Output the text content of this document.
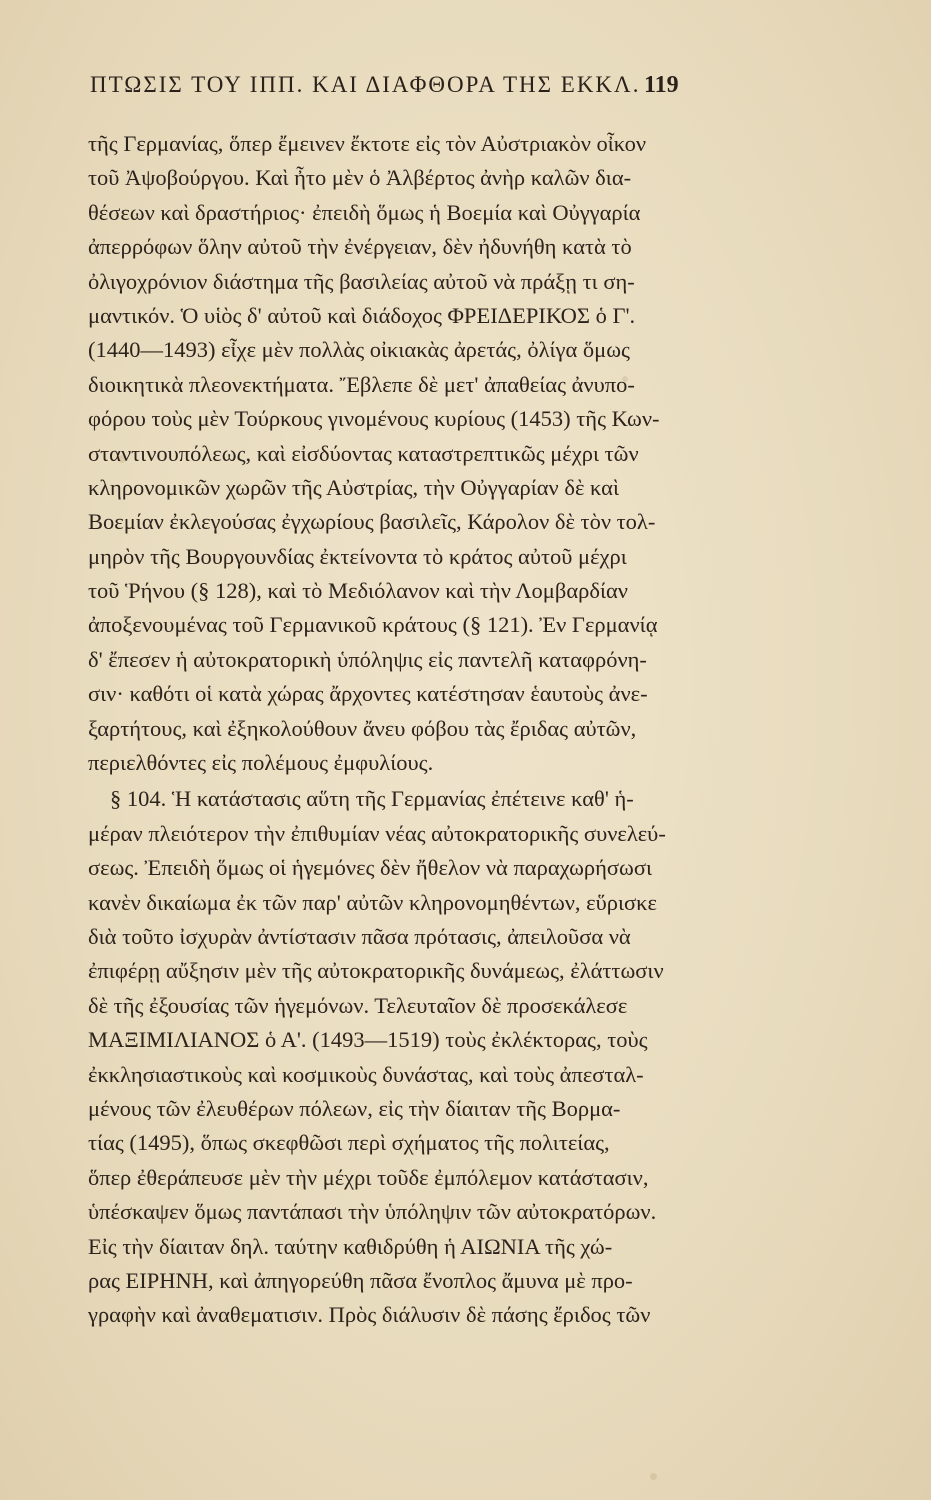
ΠΤΩΣΙΣ ΤΟΥ ΙΠΠ. ΚΑΙ ΔΙΑΦΘΟΡΑ ΤΗΣ ΕΚΚΛ. 119
τῆς Γερμανίας, ὅπερ ἔμεινεν ἔκτοτε εἰς τὸν Αὐστριακὸν οἶκον
τοῦ Ἀψοβούργου. Καὶ ἦτο μὲν ὁ Ἀλβέρτος ἀνὴρ καλῶν δια-
θέσεων καὶ δραστήριος· ἐπειδὴ ὅμως ἡ Βοεμία καὶ Οὐγγαρία
ἀπερρόφων ὅλην αὐτοῦ τὴν ἐνέργειαν, δὲν ἠδυνήθη κατὰ τὸ
ὀλιγοχρόνιον διάστημα τῆς βασιλείας αὐτοῦ νὰ πράξῃ τι ση-
μαντικόν. Ὁ υἱὸς δ' αὐτοῦ καὶ διάδοχος ΦΡΕΙΔΕΡΙΚΟΣ ὁ Γ'.
(1440—1493) εἶχε μὲν πολλὰς οἰκιακὰς ἀρετάς, ὀλίγα ὅμως
διοικητικὰ πλεονεκτήματα. Ἔβλεπε δὲ μετ' ἀπαθείας ἀνυπο-
φόρου τοὺς μὲν Τούρκους γινομένους κυρίους (1453) τῆς Κων-
σταντινουπόλεως, καὶ εἰσδύοντας καταστρεπτικῶς μέχρι τῶν
κληρονομικῶν χωρῶν τῆς Αὐστρίας, τὴν Οὐγγαρίαν δὲ καὶ
Βοεμίαν ἐκλεγούσας ἐγχωρίους βασιλεῖς, Κάρολον δὲ τὸν τολ-
μηρὸν τῆς Βουργουνδίας ἐκτείνοντα τὸ κράτος αὐτοῦ μέχρι
τοῦ Ῥήνου (§ 128), καὶ τὸ Μεδιόλανον καὶ τὴν Λομβαρδίαν
ἀποξενουμένας τοῦ Γερμανικοῦ κράτους (§ 121). Ἐν Γερμανίᾳ
δ' ἔπεσεν ἡ αὐτοκρατορικὴ ὑπόληψις εἰς παντελῆ καταφρόνη-
σιν· καθότι οἱ κατὰ χώρας ἄρχοντες κατέστησαν ἑαυτοὺς ἀνε-
ξαρτήτους, καὶ ἐξηκολούθουν ἄνευ φόβου τὰς ἔριδας αὐτῶν,
περιελθόντες εἰς πολέμους ἐμφυλίους.
§ 104. Ἡ κατάστασις αὕτη τῆς Γερμανίας ἐπέτεινε καθ' ἡ-
μέραν πλειότερον τὴν ἐπιθυμίαν νέας αὐτοκρατορικῆς συνελεύ-
σεως. Ἐπειδὴ ὅμως οἱ ἡγεμόνες δὲν ἤθελον νὰ παραχωρήσωσι
κανὲν δικαίωμα ἐκ τῶν παρ' αὐτῶν κληρονομηθέντων, εὕρισκε
διὰ τοῦτο ἰσχυρὰν ἀντίστασιν πᾶσα πρότασις, ἀπειλοῦσα νὰ
ἐπιφέρῃ αὔξησιν μὲν τῆς αὐτοκρατορικῆς δυνάμεως, ἐλάττωσιν
δὲ τῆς ἐξουσίας τῶν ἡγεμόνων. Τελευταῖον δὲ προσεκάλεσε
ΜΑΞΙΜΙΛΙΑΝΟΣ ὁ Α'. (1493—1519) τοὺς ἐκλέκτορας, τοὺς
ἐκκλησιαστικοὺς καὶ κοσμικοὺς δυνάστας, καὶ τοὺς ἀπεσταλ-
μένους τῶν ἐλευθέρων πόλεων, εἰς τὴν δίαιταν τῆς Βορμα-
τίας (1495), ὅπως σκεφθῶσι περὶ σχήματος τῆς πολιτείας,
ὅπερ ἐθεράπευσε μὲν τὴν μέχρι τοῦδε ἐμπόλεμον κατάστασιν,
ὑπέσκαψεν ὅμως παντάπασι τὴν ὑπόληψιν τῶν αὐτοκρατόρων.
Εἰς τὴν δίαιταν δηλ. ταύτην καθιδρύθη ἡ ΑΙΩΝΙΑ τῆς χώ-
ρας ΕΙΡΗΝΗ, καὶ ἀπηγορεύθη πᾶσα ἔνοπλος ἄμυνα μὲ προ-
γραφὴν καὶ ἀναθεματισιν. Πρὸς διάλυσιν δὲ πάσης ἔριδος τῶν
